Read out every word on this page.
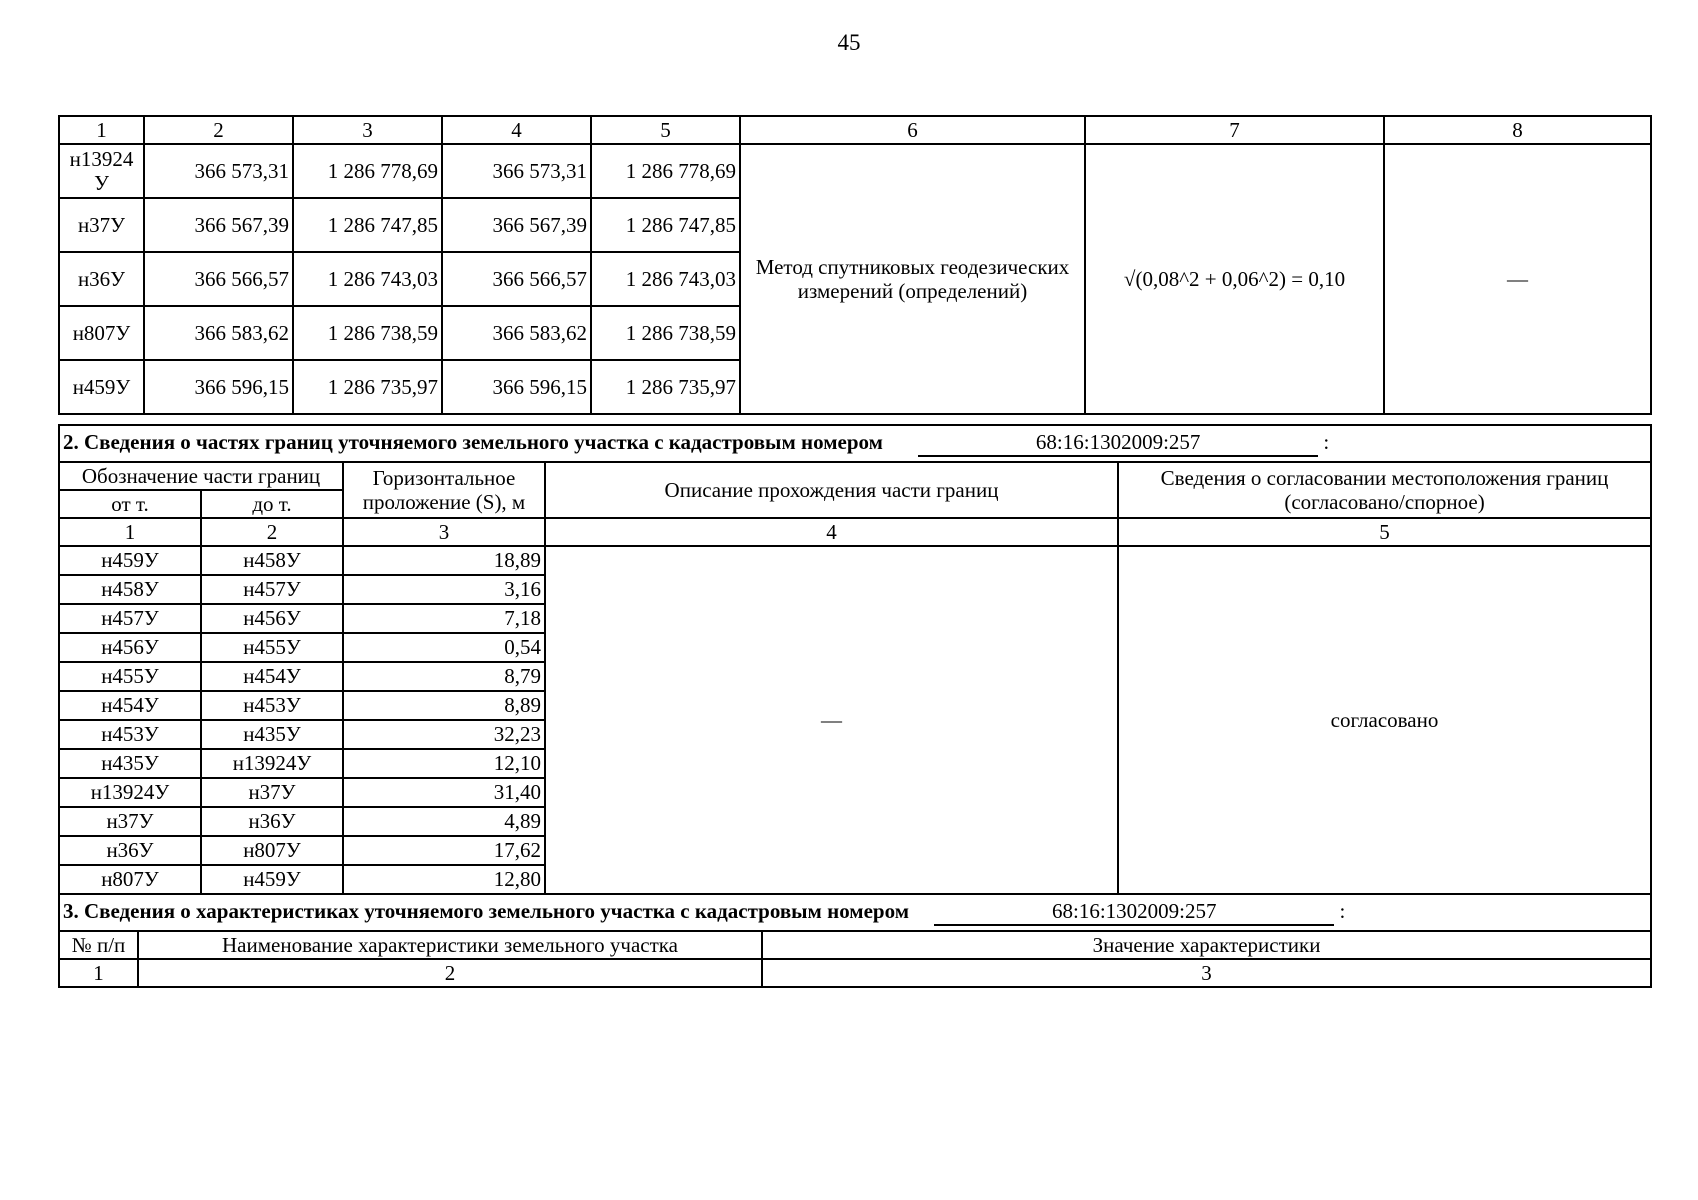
45
1	2	3	4	5	6	7	8
н13924У	366 573,31	1 286 778,69	366 573,31	1 286 778,69	Метод спутниковых геодезических измерений (определений)	√(0,08^2 + 0,06^2) = 0,10	—
н37У	366 567,39	1 286 747,85	366 567,39	1 286 747,85			
н36У	366 566,57	1 286 743,03	366 566,57	1 286 743,03			
н807У	366 583,62	1 286 738,59	366 583,62	1 286 738,59			
н459У	366 596,15	1 286 735,97	366 596,15	1 286 735,97			
2. Сведения о частях границ уточняемого земельного участка с кадастровым номером 68:16:1302009:257 :						
Обозначение части границ			Горизонтальное проложение (S), м	Описание прохождения части границ		Сведения о согласовании местоположения границ (согласовано/спорное)
от т.		до т.				
1		2	3	4		5
н459У		н458У	18,89	—		согласовано
н458У		н457У	3,16			
н457У		н456У	7,18			
н456У		н455У	0,54			
н455У		н454У	8,79			
н454У		н453У	8,89			
н453У		н435У	32,23			
н435У		н13924У	12,10			
н13924У		н37У	31,40			
н37У		н36У	4,89			
н36У		н807У	17,62			
н807У		н459У	12,80			
3. Сведения о характеристиках уточняемого земельного участка с кадастровым номером 68:16:1302009:257 :						
№ п/п	Наименование характеристики земельного участка				Значение характеристики	
1	2				3	
